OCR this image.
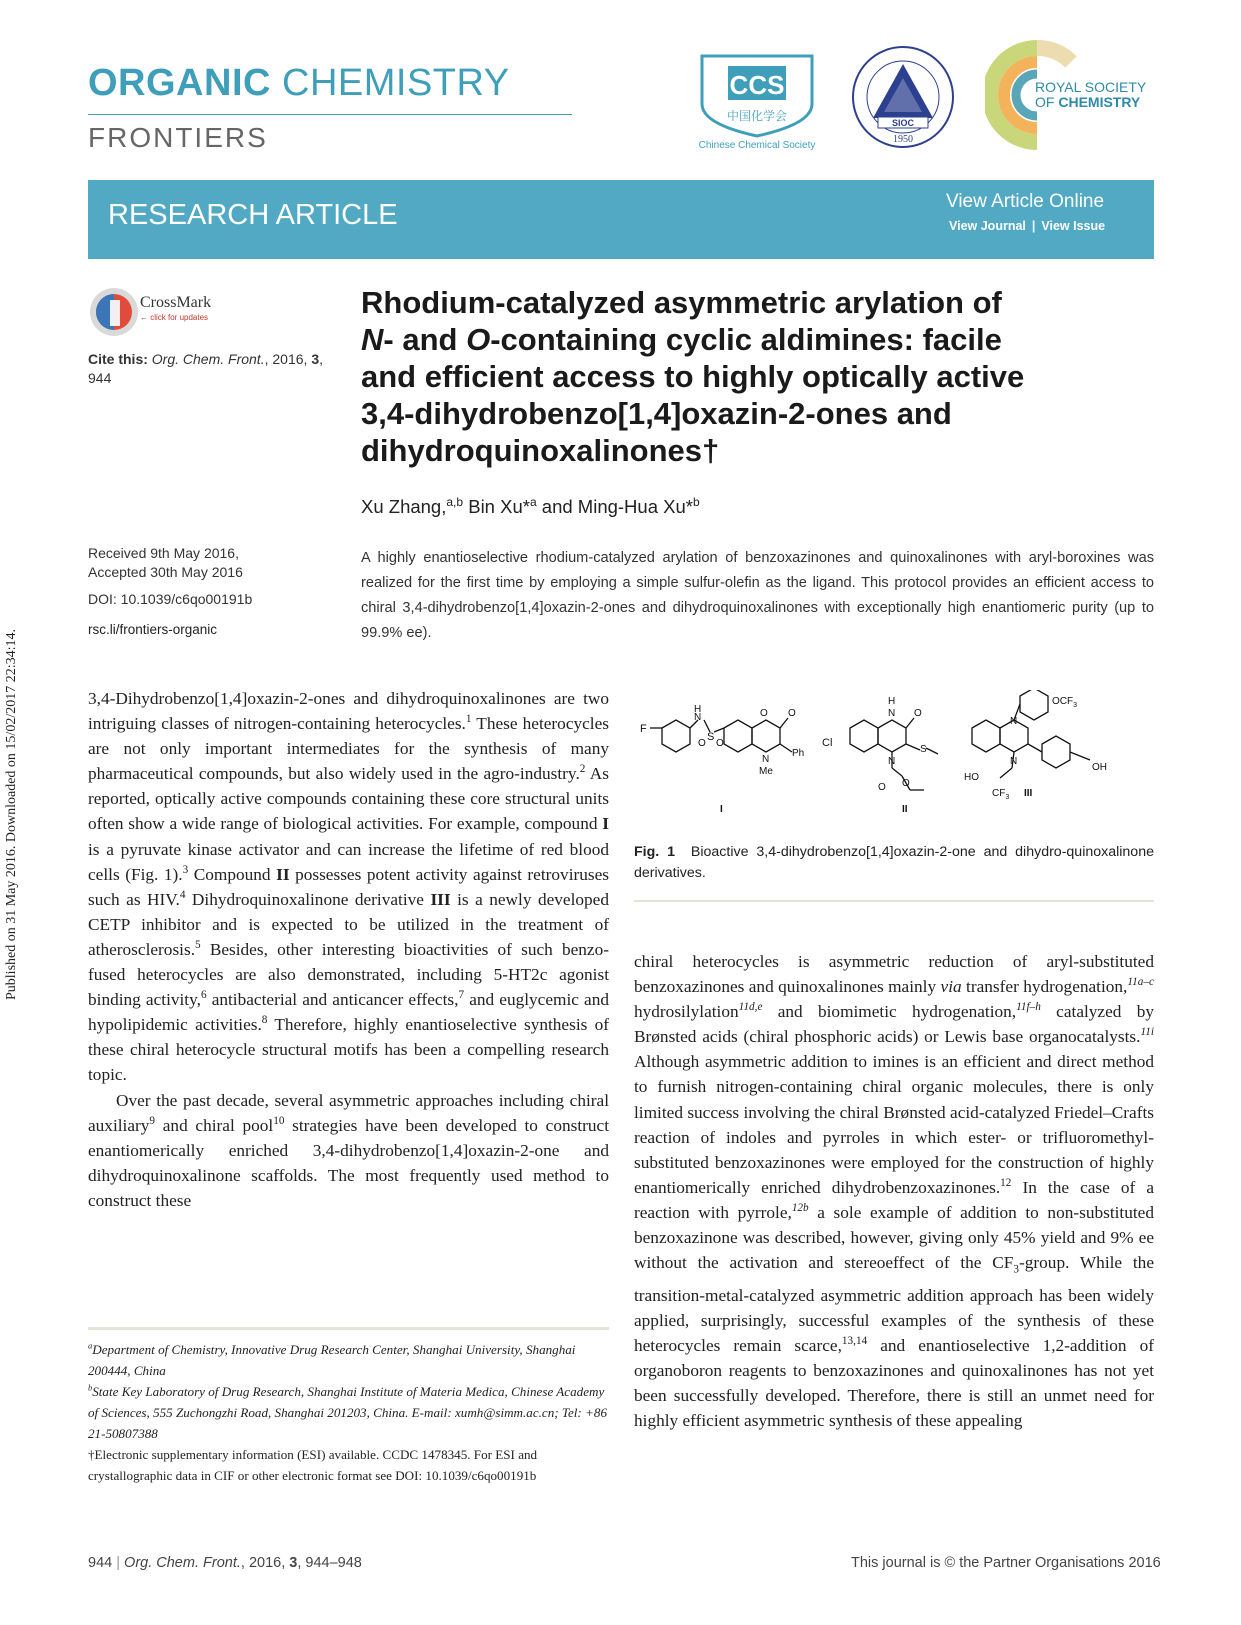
ORGANIC CHEMISTRY
FRONTIERS
CCS
中国化学会
Chinese Chemical Society
SIOC
1950
ROYAL SOCIETY
OF CHEMISTRY
RESEARCH ARTICLE	View Article Online
View Journal | View Issue
CrossMark
← click for updates
Cite this: Org. Chem. Front., 2016, 3,
944
Received 9th May 2016,
Accepted 30th May 2016
DOI: 10.1039/c6qo00191b
rsc.li/frontiers-organic
Rhodium-catalyzed asymmetric arylation of
N- and O-containing cyclic aldimines: facile and efficient access to highly optically active 3,4-dihydrobenzo[1,4]oxazin-2-ones and dihydroquinoxalinones†
Xu Zhang,$^{a,b}$ Bin Xu*$^a$ and Ming-Hua Xu*$^b$
A highly enantioselective rhodium-catalyzed arylation of benzoxazinones and quinoxalinones with aryl-boroxines was realized for the first time by employing a simple sulfur-olefin as the ligand. This protocol provides an efficient access to chiral 3,4-dihydrobenzo[1,4]oxazin-2-ones and dihydroquinoxalinones with exceptionally high enantiomeric purity (up to 99.9% ee).

3,4-Dihydrobenzo[1,4]oxazin-2-ones and dihydroquinoxalinones are two intriguing classes of nitrogen-containing heterocycles.$^1$ These heterocycles are not only important intermediates for the synthesis of many pharmaceutical compounds, but also widely used in the agro-industry.$^2$ As reported, optically active compounds containing these core structural units often show a wide range of biological activities. For example, compound I is a pyruvate kinase activator and can increase the lifetime of red blood cells (Fig. 1).$^3$ Compound II possesses potent activity against retroviruses such as HIV.$^4$ Dihydroquinoxalinone derivative III is a newly developed CETP inhibitor and is expected to be utilized in the treatment of atherosclerosis.$^5$ Besides, other interesting bioactivities of such benzo-fused heterocycles are also demonstrated, including 5-HT2c agonist binding activity,$^6$ antibacterial and anticancer effects,$^7$ and euglycemic and hypolipidemic activities.$^8$ Therefore, highly enantioselective synthesis of these chiral heterocycle structural motifs has been a compelling research topic.

Over the past decade, several asymmetric approaches including chiral auxiliary$^9$ and chiral pool$^{10}$ strategies have been developed to construct enantiomerically enriched 3,4-dihydrobenzo[1,4]oxazin-2-one and dihydroquinoxalinone scaffolds. The most frequently used method to construct these

F
N
H
S
O O
O O
Ph
N
Me
I
Cl
H
N O
S
N
O
O
II
N
N
$OCF_3$
OH
HO
$CF_3$ III
Fig. 1 Bioactive 3,4-dihydrobenzo[1,4]oxazin-2-one and dihydro-quinoxalinone derivatives.

chiral heterocycles is asymmetric reduction of aryl-substituted benzoxazinones and quinoxalinones mainly via transfer hydrogenation,$^{11a-c}$ hydrosilylation$^{11d,e}$ and biomimetic hydrogenation,$^{11f-h}$ catalyzed by Brønsted acids (chiral phosphoric acids) or Lewis base organocatalysts.$^{11i}$ Although asymmetric addition to imines is an efficient and direct method to furnish nitrogen-containing chiral organic molecules, there is only limited success involving the chiral Brønsted acid-catalyzed Friedel–Crafts reaction of indoles and pyrroles in which ester- or trifluoromethyl-substituted benzoxazinones were employed for the construction of highly enantiomerically enriched dihydrobenzoxazinones.$^{12}$ In the case of a reaction with pyrrole,$^{12b}$ a sole example of addition to non-substituted benzoxazinone was described, however, giving only 45% yield and 9% ee without the activation and stereoeffect of the $CF_3$-group. While the transition-metal-catalyzed asymmetric addition approach has been widely applied, surprisingly, successful examples of the synthesis of these heterocycles remain scarce,$^{13,14}$ and enantioselective 1,2-addition of organoboron reagents to benzoxazinones and quinoxalinones has not yet been successfully developed. Therefore, there is still an unmet need for highly efficient asymmetric synthesis of these appealing

$^a$Department of Chemistry, Innovative Drug Research Center, Shanghai University, Shanghai 200444, China
$^b$State Key Laboratory of Drug Research, Shanghai Institute of Materia Medica, Chinese Academy of Sciences, 555 Zuchongzhi Road, Shanghai 201203, China. E-mail: xumh@simm.ac.cn; Tel: +86 21-50807388
†Electronic supplementary information (ESI) available. CCDC 1478345. For ESI and crystallographic data in CIF or other electronic format see DOI: 10.1039/c6qo00191b
944 | Org. Chem. Front., 2016, 3, 944–948	This journal is © the Partner Organisations 2016
Published on 31 May 2016. Downloaded on 15/02/2017 22:34:14.
